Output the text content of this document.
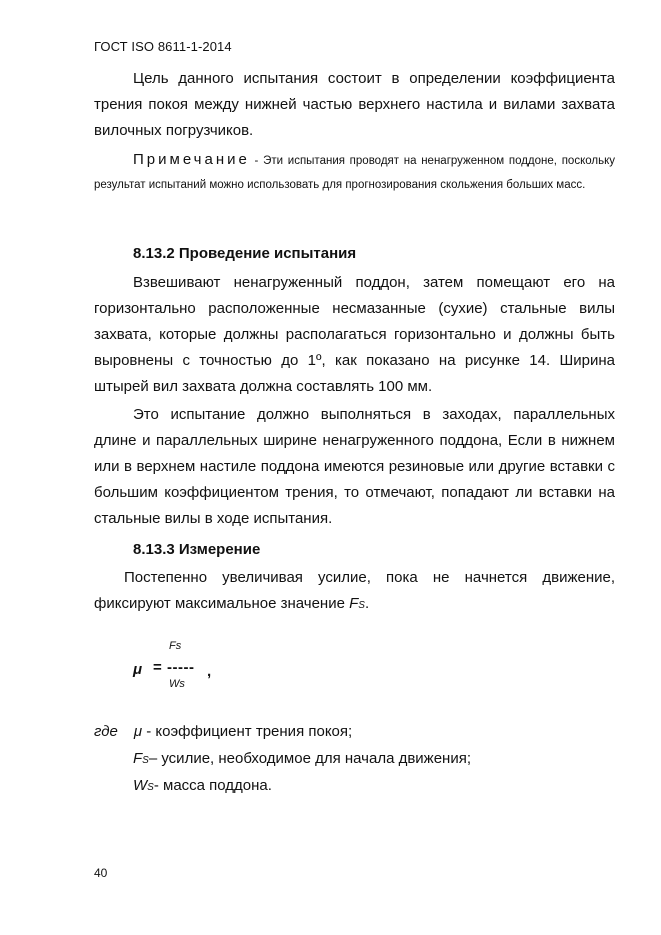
ГОСТ ISO 8611-1-2014
Цель данного испытания состоит в определении коэффициента трения покоя между нижней частью верхнего настила и вилами захвата вилочных погрузчиков.
Примечание - Эти испытания проводят на ненагруженном поддоне, поскольку результат испытаний можно использовать для прогнозирования скольжения больших масс.
8.13.2 Проведение испытания
Взвешивают ненагруженный поддон, затем помещают его на горизонтально расположенные несмазанные (сухие) стальные вилы захвата, которые должны располагаться горизонтально и должны быть выровнены с точностью до 1º, как показано на рисунке 14. Ширина штырей вил захвата должна составлять 100 мм.
Это испытание должно выполняться в заходах, параллельных длине и параллельных ширине ненагруженного поддона, Если в нижнем или в верхнем настиле поддона имеются резиновые или другие вставки с большим коэффициентом трения, то отмечают, попадают ли вставки на стальные вилы в ходе испытания.
8.13.3 Измерение
Постепенно увеличивая усилие, пока не начнется движение, фиксируют максимальное значение FS.
Fs
μ = -----
Ws
,
где μ - коэффициент трения покоя;
FS– усилие, необходимое для начала движения;
WS- масса поддона.
40
